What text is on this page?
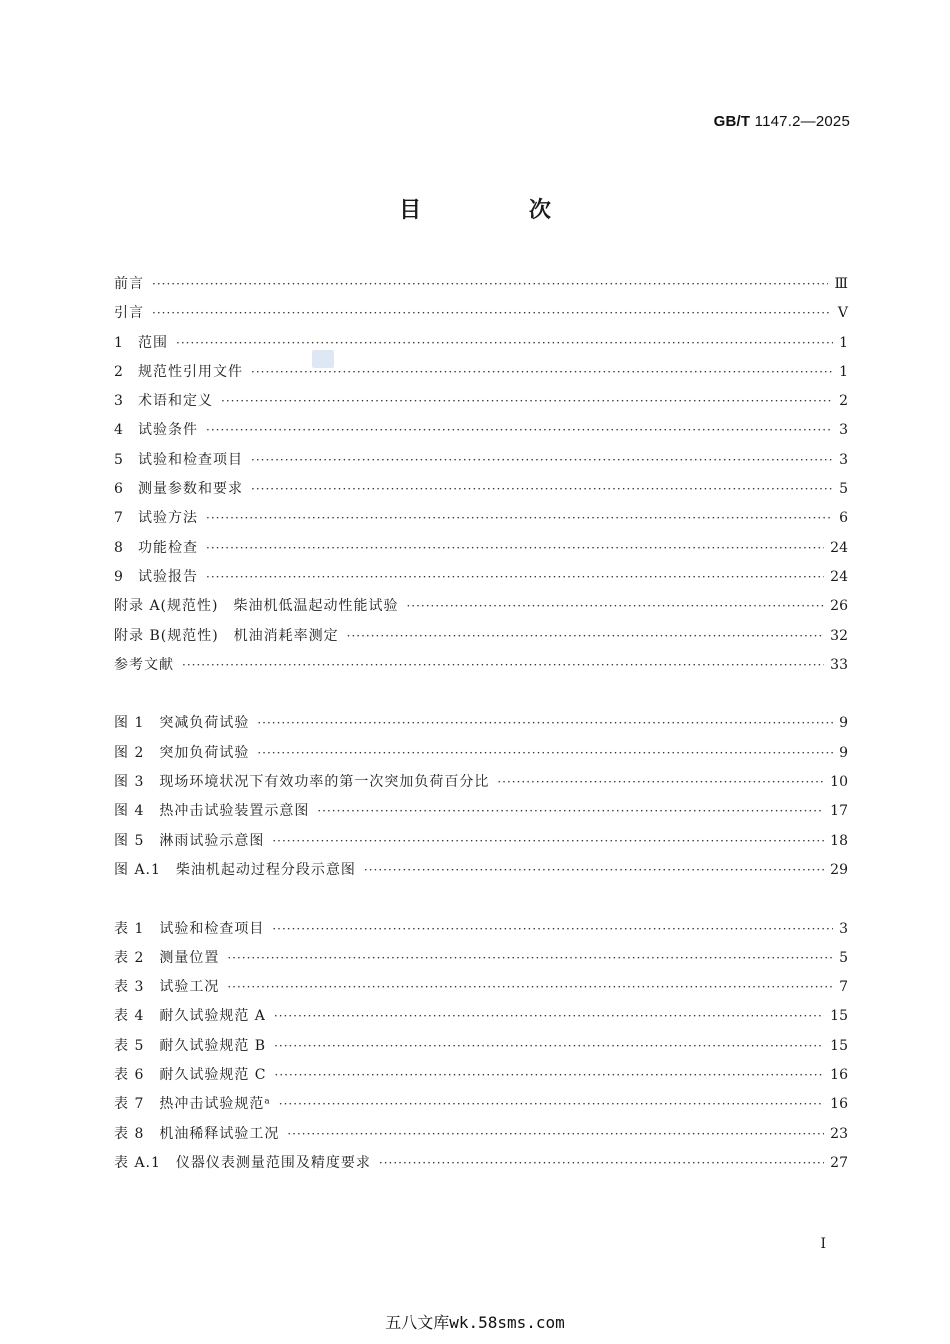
GB/T 1147.2—2025
目 次
前言 ·····	Ⅲ
引言 ·····	Ⅴ
1 范围 ·····	1
2 规范性引用文件 ·····	1
3 术语和定义 ·····	2
4 试验条件 ·····	3
5 试验和检查项目 ·····	3
6 测量参数和要求 ·····	5
7 试验方法 ·····	6
8 功能检查 ·····	24
9 试验报告 ·····	24
附录 A(规范性)　柴油机低温起动性能试验 ·····	26
附录 B(规范性)　机油消耗率测定 ·····	32
参考文献 ·····	33
图 1　突减负荷试验 ·····	9
图 2　突加负荷试验 ·····	9
图 3　现场环境状况下有效功率的第一次突加负荷百分比 ·····	10
图 4　热冲击试验装置示意图 ·····	17
图 5　淋雨试验示意图 ·····	18
图 A.1　柴油机起动过程分段示意图 ·····	29
表 1　试验和检查项目 ·····	3
表 2　测量位置 ·····	5
表 3　试验工况 ·····	7
表 4　耐久试验规范 A ·····	15
表 5　耐久试验规范 B ·····	15
表 6　耐久试验规范 C ·····	16
表 7　热冲击试验规范ᵃ ·····	16
表 8　机油稀释试验工况 ·····	23
表 A.1　仪器仪表测量范围及精度要求 ·····	27
Ⅰ
五八文库wk.58sms.com
